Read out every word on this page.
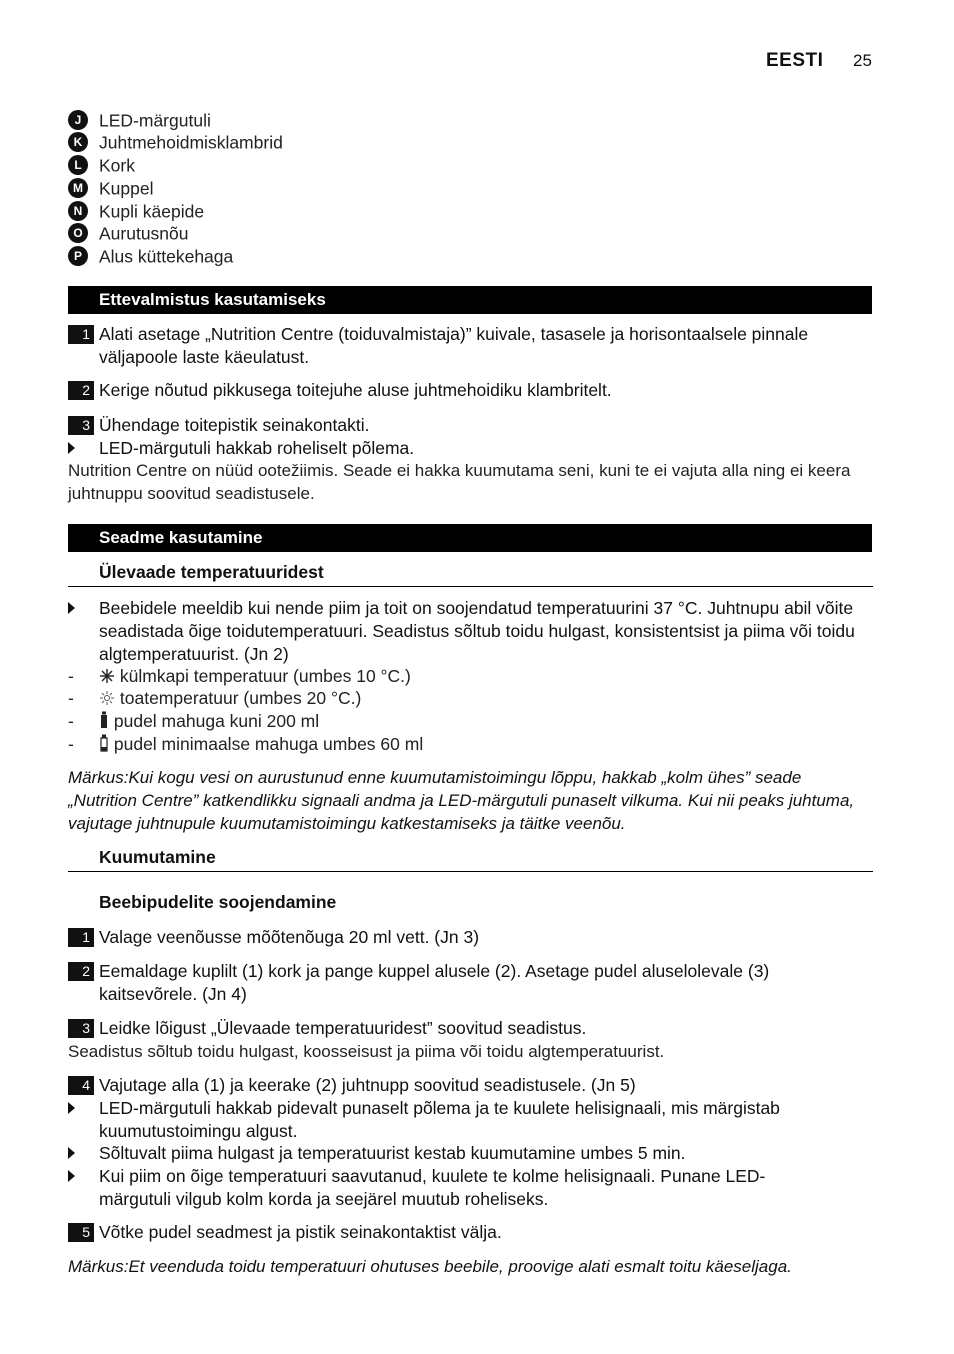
EESTI 25
J LED-märgutuli
K Juhtmehoidmisklambrid
L Kork
M Kuppel
N Kupli käepide
O Aurutusnõu
P Alus küttekehaga
Ettevalmistus kasutamiseks
1 Alati asetage „Nutrition Centre (toiduvalmistaja)” kuivale, tasasele ja horisontaalsele pinnale väljapoole laste käeulatust.
2 Kerige nõutud pikkusega toitejuhe aluse juhtmehoidiku klambritelt.
3 Ühendage toitepistik seinakontakti.
LED-märgutuli hakkab roheliselt põlema.
Nutrition Centre on nüüd ootežiimis. Seade ei hakka kuumutama seni, kuni te ei vajuta alla ning ei keera juhtnuppu soovitud seadistusele.
Seadme kasutamine
Ülevaade temperatuuridest
Beebidele meeldib kui nende piim ja toit on soojendatud temperatuurini 37 °C. Juhtnupu abil võite seadistada õige toidutemperatuuri. Seadistus sõltub toidu hulgast, konsistentsist ja piima või toidu algtemperatuurist. (Jn 2)
-	külmkapi temperatuur (umbes 10 °C.)
-	toatemperatuur (umbes 20 °C.)
-	pudel mahuga kuni 200 ml
-	pudel minimaalse mahuga umbes 60 ml
Märkus:Kui kogu vesi on aurustunud enne kuumutamistoimingu lõppu, hakkab „kolm ühes” seade „Nutrition Centre” katkendlikku signaali andma ja LED-märgutuli punaselt vilkuma. Kui nii peaks juhtuma, vajutage juhtnupule kuumutamistoimingu katkestamiseks ja täitke veenõu.
Kuumutamine
Beebipudelite soojendamine
1 Valage veenõusse mõõtenõuga 20 ml vett. (Jn 3)
2 Eemaldage kuplilt (1) kork ja pange kuppel alusele (2). Asetage pudel aluselolevale (3) kaitsevõrele. (Jn 4)
3 Leidke lõigust „Ülevaade temperatuuridest” soovitud seadistus.
Seadistus sõltub toidu hulgast, koosseisust ja piima või toidu algtemperatuurist.
4 Vajutage alla (1) ja keerake (2) juhtnupp soovitud seadistusele. (Jn 5)
LED-märgutuli hakkab pidevalt punaselt põlema ja te kuulete helisignaali, mis märgistab kuumutustoimingu algust.
Sõltuvalt piima hulgast ja temperatuurist kestab kuumutamine umbes 5 min.
Kui piim on õige temperatuuri saavutanud, kuulete te kolme helisignaali. Punane LED-märgutuli vilgub kolm korda ja seejärel muutub roheliseks.
5 Võtke pudel seadmest ja pistik seinakontaktist välja.
Märkus:Et veenduda toidu temperatuuri ohutuses beebile, proovige alati esmalt toitu käeseljaga.
